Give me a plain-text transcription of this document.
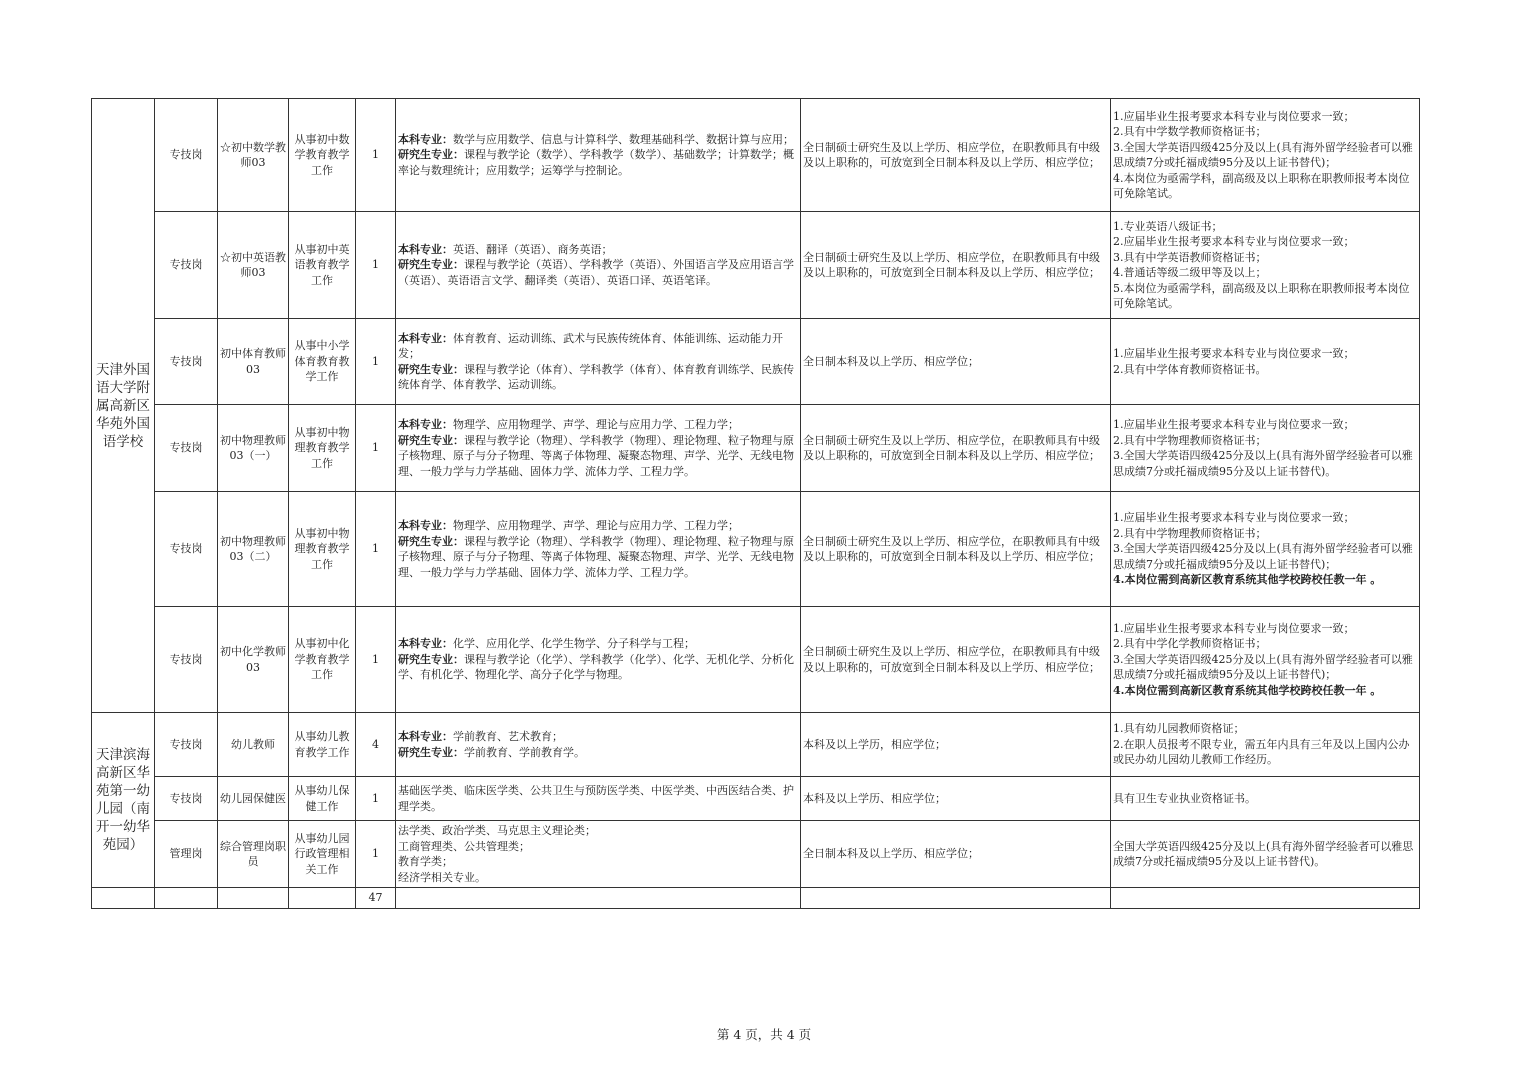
天津外国语大学附属高新区华苑外国语学校	专技岗	☆初中数学教师03	从事初中数学教育教学工作	1	本科专业：数学与应用数学、信息与计算科学、数理基础科学、数据计算与应用；
研究生专业：课程与教学论（数学）、学科教学（数学）、基础数学；计算数学；概率论与数理统计；应用数学；运筹学与控制论。	全日制硕士研究生及以上学历、相应学位，在职教师具有中级及以上职称的，可放宽到全日制本科及以上学历、相应学位；	1.应届毕业生报考要求本科专业与岗位要求一致；
2.具有中学数学教师资格证书；
3.全国大学英语四级425分及以上(具有海外留学经验者可以雅思成绩7分或托福成绩95分及以上证书替代)；
4.本岗位为亟需学科，副高级及以上职称在职教师报考本岗位可免除笔试。

	专技岗	☆初中英语教师03	从事初中英语教育教学工作	1	本科专业：英语、翻译（英语）、商务英语；
研究生专业：课程与教学论（英语）、学科教学（英语）、外国语言学及应用语言学（英语）、英语语言文学、翻译类（英语）、英语口译、英语笔译。	全日制硕士研究生及以上学历、相应学位，在职教师具有中级及以上职称的，可放宽到全日制本科及以上学历、相应学位；	1.专业英语八级证书；
2.应届毕业生报考要求本科专业与岗位要求一致；
3.具有中学英语教师资格证书；
4.普通话等级二级甲等及以上；
5.本岗位为亟需学科，副高级及以上职称在职教师报考本岗位可免除笔试。

	专技岗	初中体育教师03	从事中小学体育教育教学工作	1	本科专业：体育教育、运动训练、武术与民族传统体育、体能训练、运动能力开发；
研究生专业：课程与教学论（体育）、学科教学（体育）、体育教育训练学、民族传统体育学、体育教学、运动训练。	全日制本科及以上学历、相应学位；	1.应届毕业生报考要求本科专业与岗位要求一致；
2.具有中学体育教师资格证书。

	专技岗	初中物理教师03（一）	从事初中物理教育教学工作	1	本科专业：物理学、应用物理学、声学、理论与应用力学、工程力学；
研究生专业：课程与教学论（物理）、学科教学（物理）、理论物理、粒子物理与原子核物理、原子与分子物理、等离子体物理、凝聚态物理、声学、光学、无线电物理、一般力学与力学基础、固体力学、流体力学、工程力学。	全日制硕士研究生及以上学历、相应学位，在职教师具有中级及以上职称的，可放宽到全日制本科及以上学历、相应学位；	1.应届毕业生报考要求本科专业与岗位要求一致；
2.具有中学物理教师资格证书；
3.全国大学英语四级425分及以上(具有海外留学经验者可以雅思成绩7分或托福成绩95分及以上证书替代)。

	专技岗	初中物理教师03（二）	从事初中物理教育教学工作	1	本科专业：物理学、应用物理学、声学、理论与应用力学、工程力学；
研究生专业：课程与教学论（物理）、学科教学（物理）、理论物理、粒子物理与原子核物理、原子与分子物理、等离子体物理、凝聚态物理、声学、光学、无线电物理、一般力学与力学基础、固体力学、流体力学、工程力学。	全日制硕士研究生及以上学历、相应学位，在职教师具有中级及以上职称的，可放宽到全日制本科及以上学历、相应学位；	1.应届毕业生报考要求本科专业与岗位要求一致；
2.具有中学物理教师资格证书；
3.全国大学英语四级425分及以上(具有海外留学经验者可以雅思成绩7分或托福成绩95分及以上证书替代)；
4.本岗位需到高新区教育系统其他学校跨校任教一年 。

	专技岗	初中化学教师03	从事初中化学教育教学工作	1	本科专业：化学、应用化学、化学生物学、分子科学与工程；
研究生专业：课程与教学论（化学）、学科教学（化学）、化学、无机化学、分析化学、有机化学、物理化学、高分子化学与物理。	全日制硕士研究生及以上学历、相应学位，在职教师具有中级及以上职称的，可放宽到全日制本科及以上学历、相应学位；	1.应届毕业生报考要求本科专业与岗位要求一致；
2.具有中学化学教师资格证书；
3.全国大学英语四级425分及以上(具有海外留学经验者可以雅思成绩7分或托福成绩95分及以上证书替代)；
4.本岗位需到高新区教育系统其他学校跨校任教一年 。

天津滨海高新区华苑第一幼儿园（南开一幼华苑园）	专技岗	幼儿教师	从事幼儿教育教学工作	4	本科专业：学前教育、艺术教育；
研究生专业：学前教育、学前教育学。	本科及以上学历，相应学位；	1.具有幼儿园教师资格证；
2.在职人员报考不限专业，需五年内具有三年及以上国内公办或民办幼儿园幼儿教师工作经历。

	专技岗	幼儿园保健医	从事幼儿保健工作	1	基础医学类、临床医学类、公共卫生与预防医学类、中医学类、中西医结合类、护理学类。	本科及以上学历、相应学位；	具有卫生专业执业资格证书。

	管理岗	综合管理岗职员	从事幼儿园行政管理相关工作	1	法学类、政治学类、马克思主义理论类；
工商管理类、公共管理类；
教育学类；
经济学相关专业。	全日制本科及以上学历、相应学位；	全国大学英语四级425分及以上(具有海外留学经验者可以雅思成绩7分或托福成绩95分及以上证书替代)。

				47			
第 4 页，共 4 页
